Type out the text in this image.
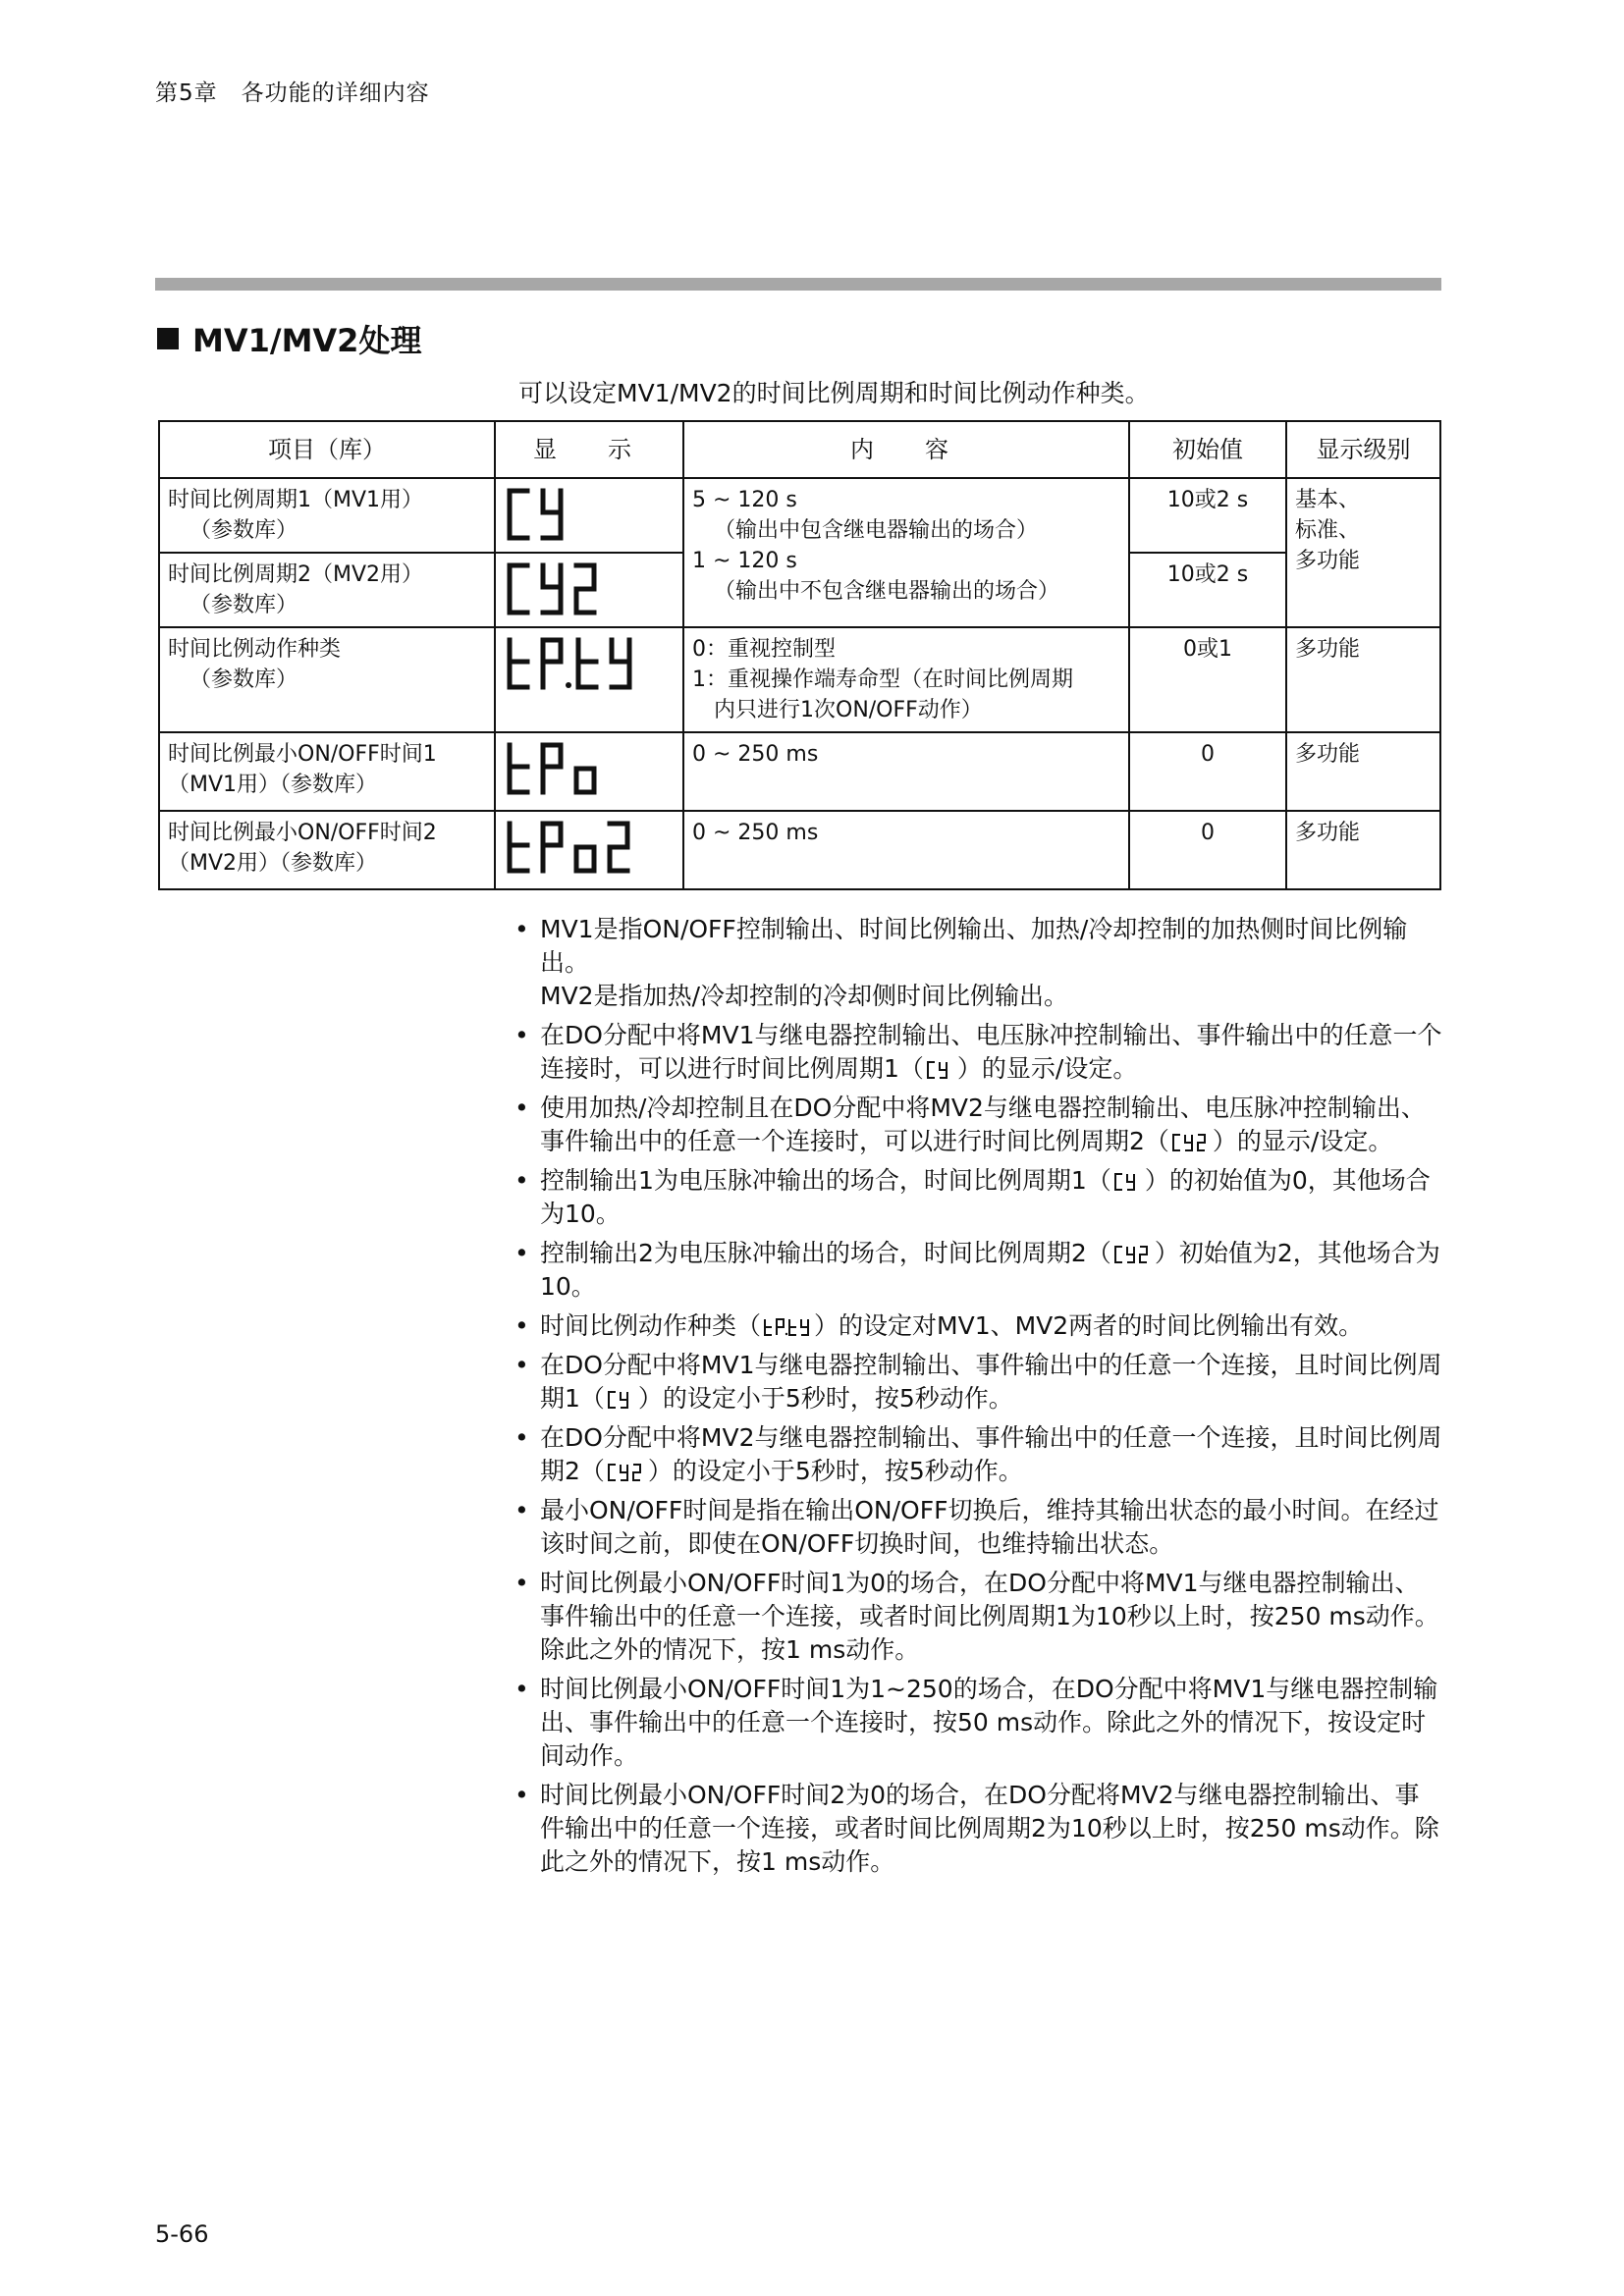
第5章　各功能的详细内容
MV1/MV2处理
可以设定MV1/MV2的时间比例周期和时间比例动作种类。
项目（库）	显　示	内　容	初始值	显示级别

时间比例周期1（MV1用）
（参数库）		5 ~ 120 s
（输出中包含继电器输出的场合）
1 ~ 120 s
（输出中不包含继电器输出的场合）	10或2 s	基本、
标准、
多功能

时间比例周期2（MV2用）
（参数库）			10或2 s	

时间比例动作种类
（参数库）		0：重视控制型
1：重视操作端寿命型（在时间比例周期
内只进行1次ON/OFF动作）	0或1	多功能

时间比例最小ON/OFF时间1
（MV1用）（参数库）		0 ~ 250 ms	0	多功能

时间比例最小ON/OFF时间2
（MV2用）（参数库）		0 ~ 250 ms	0	多功能
• MV1是指ON/OFF控制输出、时间比例输出、加热/冷却控制的加热侧时间比例输出。
MV2是指加热/冷却控制的冷却侧时间比例输出。
• 在DO分配中将MV1与继电器控制输出、电压脉冲控制输出、事件输出中的任意一个连接时，可以进行时间比例周期1（ ）的显示/设定。
• 使用加热/冷却控制且在DO分配中将MV2与继电器控制输出、电压脉冲控制输出、事件输出中的任意一个连接时，可以进行时间比例周期2（ ）的显示/设定。
• 控制输出1为电压脉冲输出的场合，时间比例周期1（ ）的初始值为0，其他场合为10。
• 控制输出2为电压脉冲输出的场合，时间比例周期2（ ）初始值为2，其他场合为10。
• 时间比例动作种类（ ）的设定对MV1、MV2两者的时间比例输出有效。
• 在DO分配中将MV1与继电器控制输出、事件输出中的任意一个连接，且时间比例周期1（ ）的设定小于5秒时，按5秒动作。
• 在DO分配中将MV2与继电器控制输出、事件输出中的任意一个连接，且时间比例周期2（ ）的设定小于5秒时，按5秒动作。
• 最小ON/OFF时间是指在输出ON/OFF切换后，维持其输出状态的最小时间。在经过该时间之前，即使在ON/OFF切换时间，也维持输出状态。
• 时间比例最小ON/OFF时间1为0的场合，在DO分配中将MV1与继电器控制输出、事件输出中的任意一个连接，或者时间比例周期1为10秒以上时，按250 ms动作。除此之外的情况下，按1 ms动作。
• 时间比例最小ON/OFF时间1为1~250的场合，在DO分配中将MV1与继电器控制输出、事件输出中的任意一个连接时，按50 ms动作。除此之外的情况下，按设定时间动作。
• 时间比例最小ON/OFF时间2为0的场合，在DO分配将MV2与继电器控制输出、事件输出中的任意一个连接，或者时间比例周期2为10秒以上时，按250 ms动作。除此之外的情况下，按1 ms动作。
5-66
